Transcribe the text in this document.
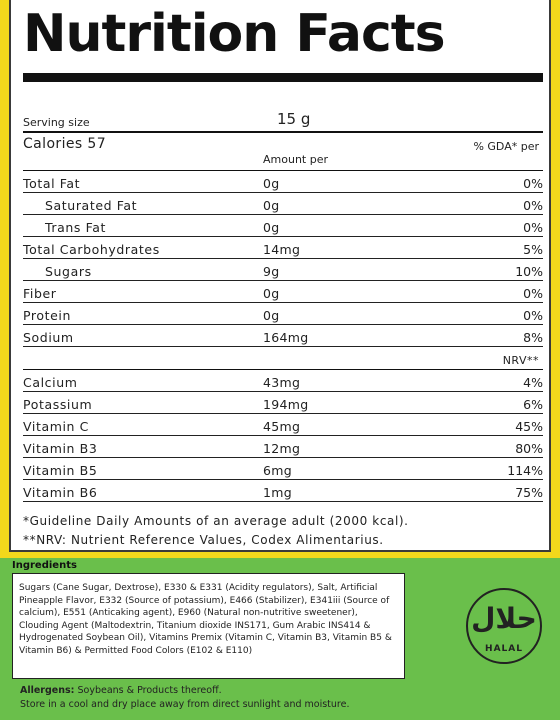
Nutrition Facts
Serving size	15 g
Calories 57	% GDA* per
Amount per
Total Fat	0g	0%
Saturated Fat	0g	0%
Trans Fat	0g	0%
Total Carbohydrates	14mg	5%
Sugars	9g	10%
Fiber	0g	0%
Protein	0g	0%
Sodium	164mg	8%
NRV**
Calcium	43mg	4%
Potassium	194mg	6%
Vitamin C	45mg	45%
Vitamin B3	12mg	80%
Vitamin B5	6mg	114%
Vitamin B6	1mg	75%
*Guideline Daily Amounts of an average adult (2000 kcal).
**NRV: Nutrient Reference Values, Codex Alimentarius.
Ingredients
Sugars (Cane Sugar, Dextrose), E330 & E331 (Acidity regulators), Salt, Artificial Pineapple Flavor, E332 (Source of potassium), E466 (Stabilizer), E341iii (Source of calcium), E551 (Anticaking agent), E960 (Natural non-nutritive sweetener), Clouding Agent (Maltodextrin, Titanium dioxide INS171, Gum Arabic INS414 & Hydrogenated Soybean Oil), Vitamins Premix (Vitamin C, Vitamin B3, Vitamin B5 & Vitamin B6) & Permitted Food Colors (E102 & E110)
حلال
HALAL
Allergens: Soybeans & Products thereoff.
Store in a cool and dry place away from direct sunlight and moisture.
